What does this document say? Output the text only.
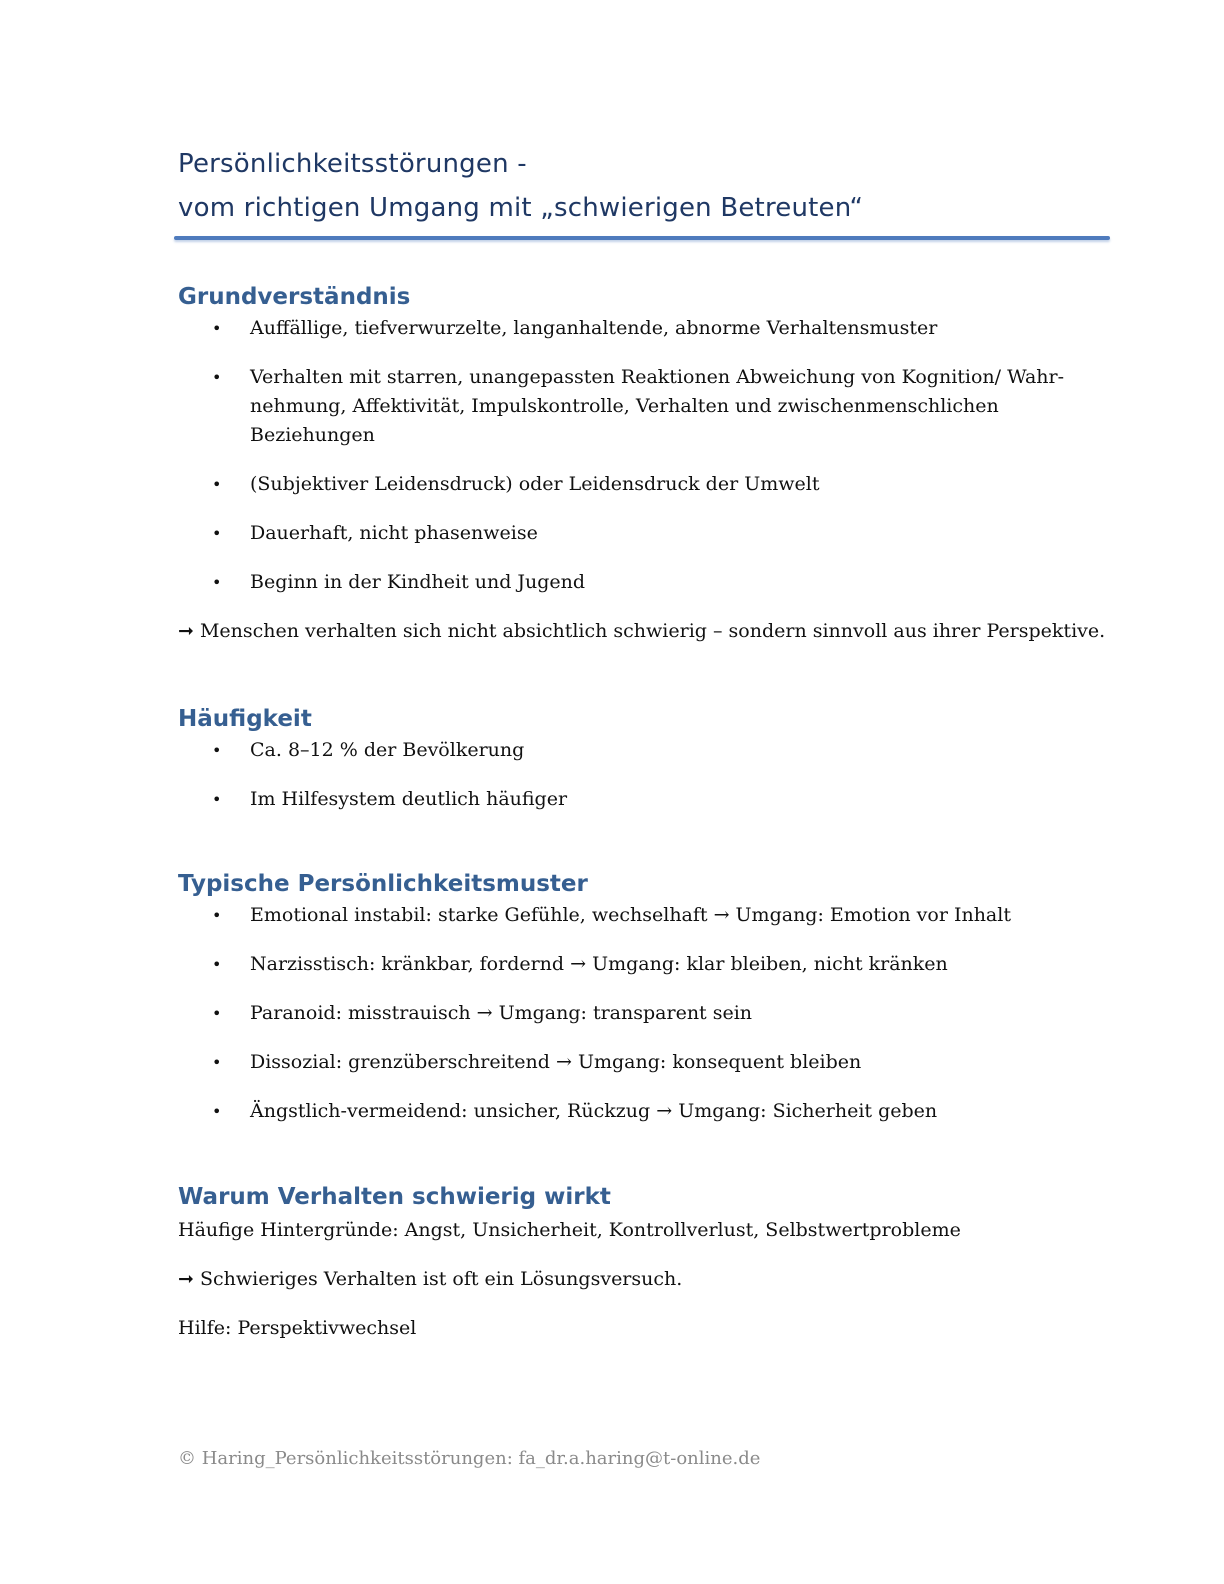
Persönlichkeitsstörungen -
vom richtigen Umgang mit „schwierigen Betreuten“
Grundverständnis
• Auffällige, tiefverwurzelte, langanhaltende, abnorme Verhaltensmuster
• Verhalten mit starren, unangepassten Reaktionen Abweichung von Kognition/ Wahr-nehmung, Affektivität, Impulskontrolle, Verhalten und zwischenmenschlichen Beziehungen
• (Subjektiver Leidensdruck) oder Leidensdruck der Umwelt
• Dauerhaft, nicht phasenweise
• Beginn in der Kindheit und Jugend

➞ Menschen verhalten sich nicht absichtlich schwierig – sondern sinnvoll aus ihrer Perspektive.

Häufigkeit
• Ca. 8–12 % der Bevölkerung
• Im Hilfesystem deutlich häufiger
Typische Persönlichkeitsmuster
• Emotional instabil: starke Gefühle, wechselhaft → Umgang: Emotion vor Inhalt
• Narzisstisch: kränkbar, fordernd → Umgang: klar bleiben, nicht kränken
• Paranoid: misstrauisch → Umgang: transparent sein
• Dissozial: grenzüberschreitend → Umgang: konsequent bleiben
• Ängstlich-vermeidend: unsicher, Rückzug → Umgang: Sicherheit geben
Warum Verhalten schwierig wirkt

Häufige Hintergründe: Angst, Unsicherheit, Kontrollverlust, Selbstwertprobleme

➞ Schwieriges Verhalten ist oft ein Lösungsversuch.

Hilfe: Perspektivwechsel

© Haring_Persönlichkeitsstörungen: fa_dr.a.haring@t-online.de
